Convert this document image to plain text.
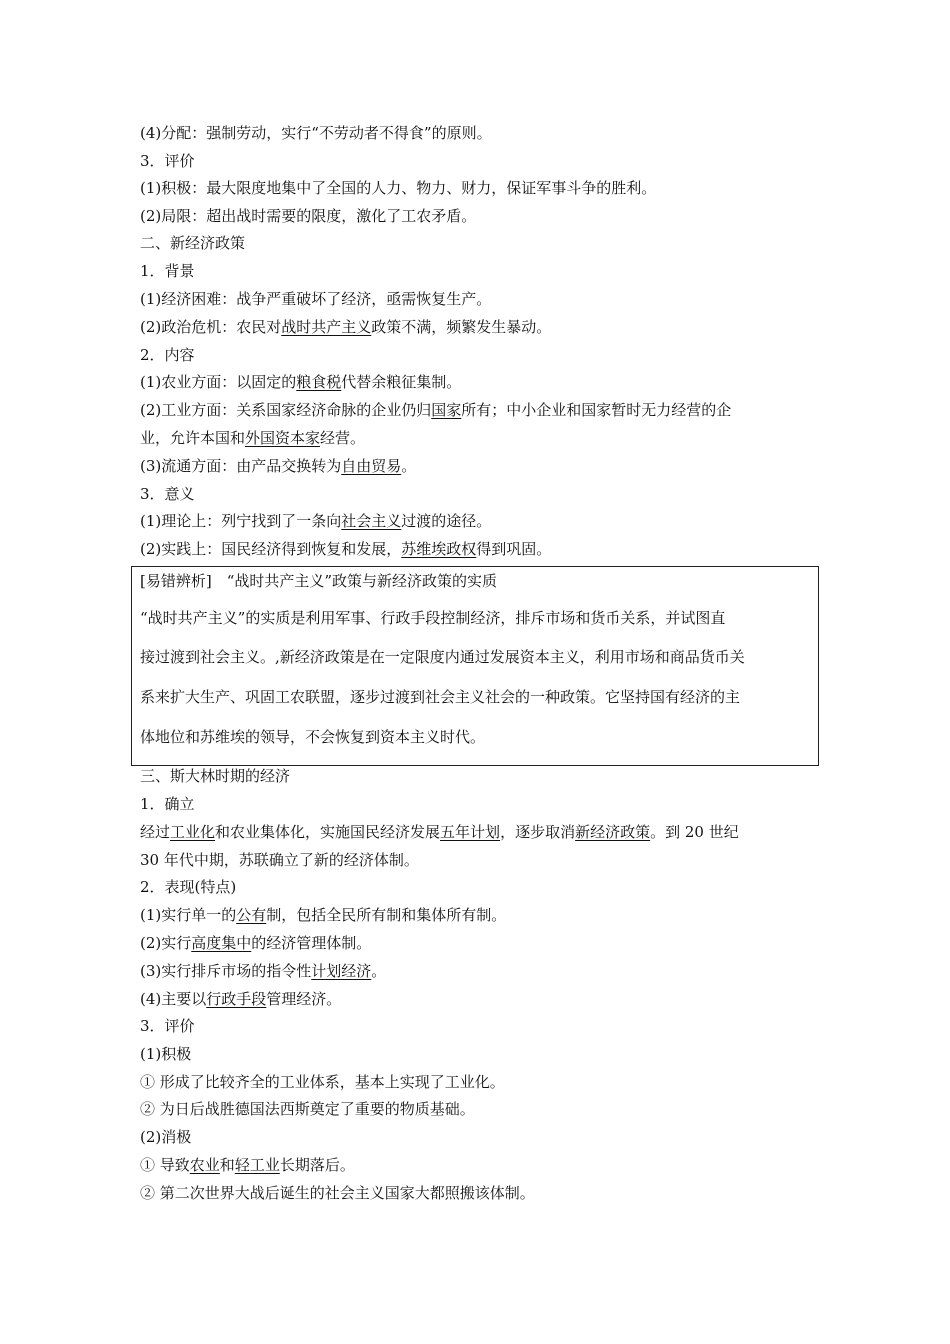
(4)分配：强制劳动，实行“不劳动者不得食”的原则。
3．评价
(1)积极：最大限度地集中了全国的人力、物力、财力，保证军事斗争的胜利。
(2)局限：超出战时需要的限度，激化了工农矛盾。
二、新经济政策
1．背景
(1)经济困难：战争严重破坏了经济，亟需恢复生产。
(2)政治危机：农民对战时共产主义政策不满，频繁发生暴动。
2．内容
(1)农业方面：以固定的粮食税代替余粮征集制。
(2)工业方面：关系国家经济命脉的企业仍归国家所有；中小企业和国家暂时无力经营的企
业，允许本国和外国资本家经营。
(3)流通方面：由产品交换转为自由贸易。
3．意义
(1)理论上：列宁找到了一条向社会主义过渡的途径。
(2)实践上：国民经济得到恢复和发展，苏维埃政权得到巩固。
[易错辨析]　“战时共产主义”政策与新经济政策的实质
“战时共产主义”的实质是利用军事、行政手段控制经济，排斥市场和货币关系，并试图直
接过渡到社会主义。,新经济政策是在一定限度内通过发展资本主义，利用市场和商品货币关
系来扩大生产、巩固工农联盟，逐步过渡到社会主义社会的一种政策。它坚持国有经济的主
体地位和苏维埃的领导，不会恢复到资本主义时代。
三、斯大林时期的经济
1．确立
经过工业化和农业集体化，实施国民经济发展五年计划，逐步取消新经济政策。到 20 世纪
30 年代中期，苏联确立了新的经济体制。
2．表现(特点)
(1)实行单一的公有制，包括全民所有制和集体所有制。
(2)实行高度集中的经济管理体制。
(3)实行排斥市场的指令性计划经济。
(4)主要以行政手段管理经济。
3．评价
(1)积极
① 形成了比较齐全的工业体系，基本上实现了工业化。
② 为日后战胜德国法西斯奠定了重要的物质基础。
(2)消极
① 导致农业和轻工业长期落后。
② 第二次世界大战后诞生的社会主义国家大都照搬该体制。
